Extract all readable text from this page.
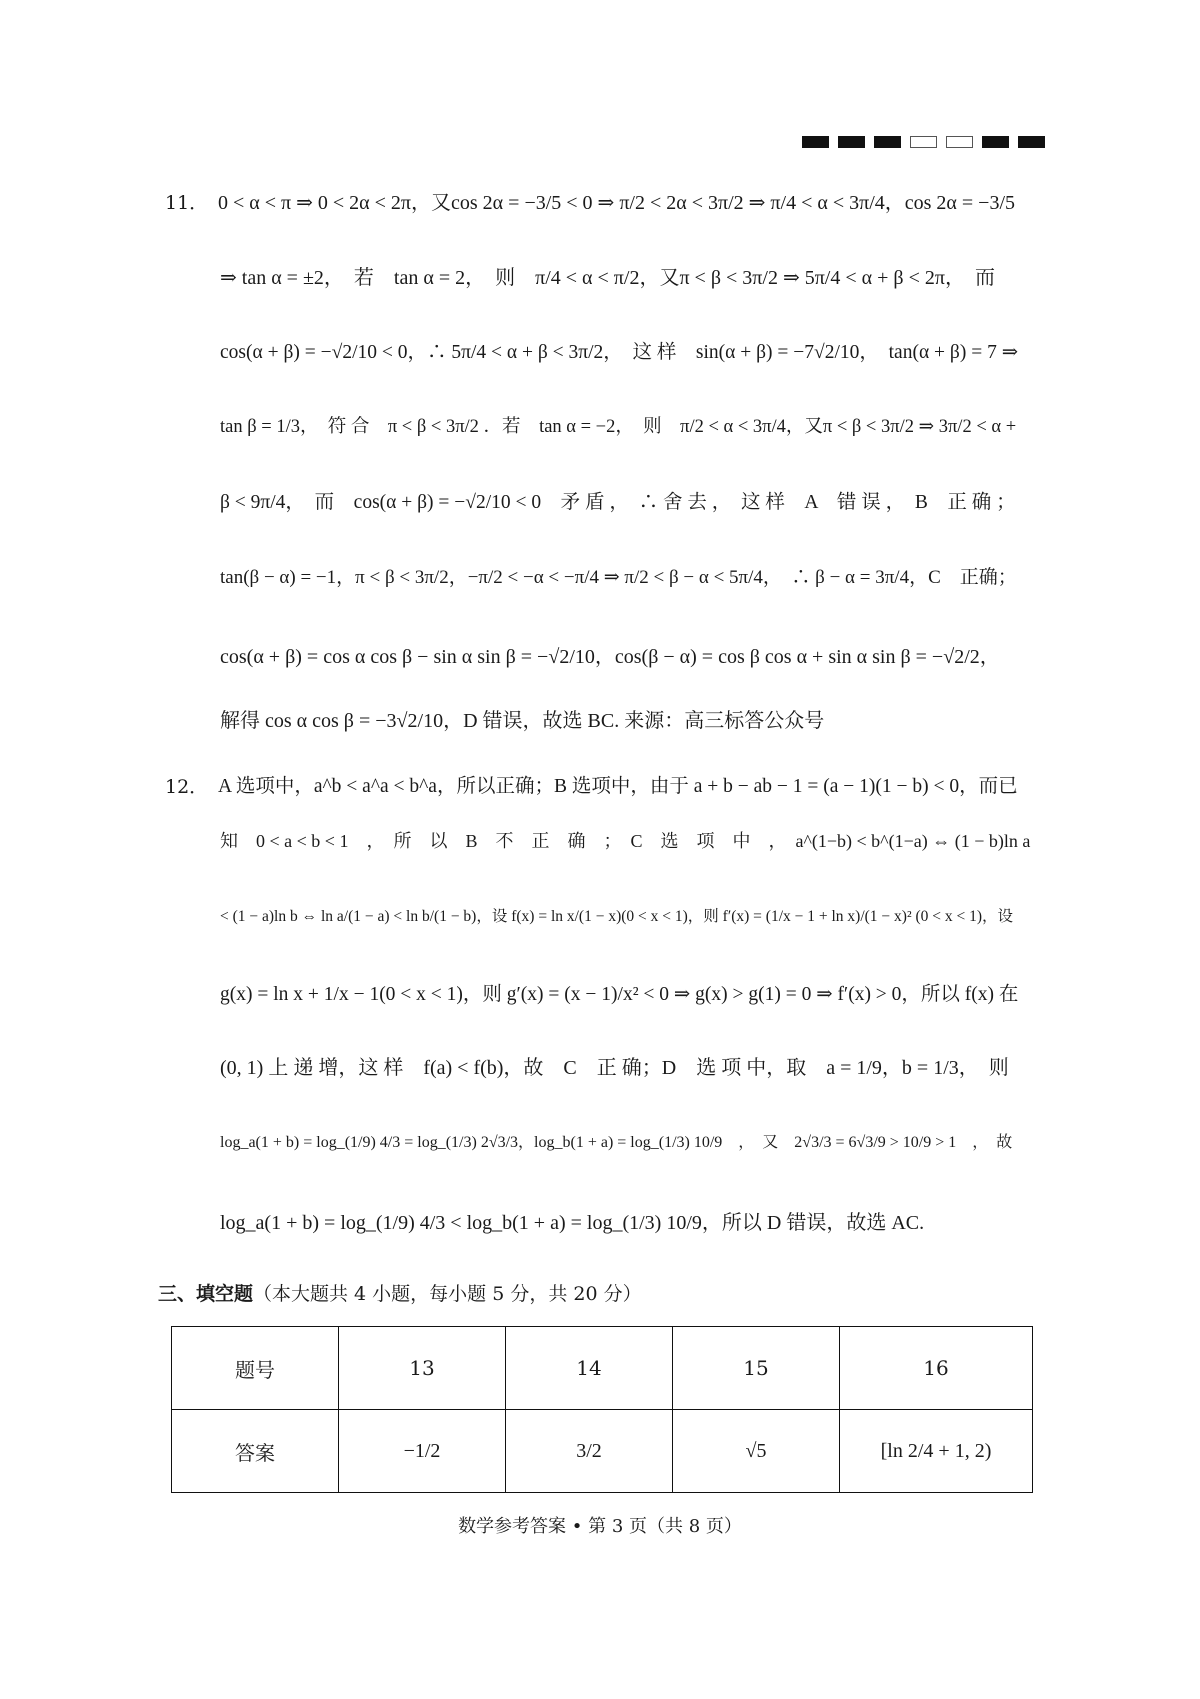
11． 0 < α < π ⇒ 0 < 2α < 2π，又cos 2α = −3/5 < 0 ⇒ π/2 < 2α < 3π/2 ⇒ π/4 < α < 3π/4，cos 2α = −3/5
⇒ tan α = ±2，　若　tan α = 2，　则　π/4 < α < π/2，又π < β < 3π/2 ⇒ 5π/4 < α + β < 2π，　而
cos(α + β) = −√2/10 < 0，∴ 5π/4 < α + β < 3π/2，　这 样　sin(α + β) = −7√2/10，　tan(α + β) = 7 ⇒
tan β = 1/3，　符 合　π < β < 3π/2 ．若　tan α = −2，　则　π/2 < α < 3π/4，又π < β < 3π/2 ⇒ 3π/2 < α +
β < 9π/4，　而　cos(α + β) = −√2/10 < 0　矛 盾 ，　∴ 舍 去 ，　这 样　A　错 误 ，　B　正 确 ；
tan(β − α) = −1，π < β < 3π/2，−π/2 < −α < −π/4 ⇒ π/2 < β − α < 5π/4，　∴ β − α = 3π/4，C　正确；
cos(α + β) = cos α cos β − sin α sin β = −√2/10，cos(β − α) = cos β cos α + sin α sin β = −√2/2，
解得 cos α cos β = −3√2/10，D 错误，故选 BC. 来源：高三标答公众号
12． A 选项中，a^b < a^a < b^a，所以正确；B 选项中，由于 a + b − ab − 1 = (a − 1)(1 − b) < 0，而已
知　0 < a < b < 1　，　所　以　B　不　正　确　；　C　选　项　中　，　a^(1−b) < b^(1−a) ⇔ (1 − b)ln a
< (1 − a)ln b ⇔ ln a/(1 − a) < ln b/(1 − b)，设 f(x) = ln x/(1 − x)(0 < x < 1)，则 f′(x) = (1/x − 1 + ln x)/(1 − x)² (0 < x < 1)，设
g(x) = ln x + 1/x − 1(0 < x < 1)，则 g′(x) = (x − 1)/x² < 0 ⇒ g(x) > g(1) = 0 ⇒ f′(x) > 0，所以 f(x) 在
(0, 1) 上 递 增，这 样　f(a) < f(b)，故　C　正 确；D　选 项 中，取　a = 1/9，b = 1/3，　则
log_a(1 + b) = log_(1/9) 4/3 = log_(1/3) 2√3/3，log_b(1 + a) = log_(1/3) 10/9　，　又　2√3/3 = 6√3/9 > 10/9 > 1　，　故
log_a(1 + b) = log_(1/9) 4/3 < log_b(1 + a) = log_(1/3) 10/9，所以 D 错误，故选 AC.
三、填空题（本大题共 4 小题，每小题 5 分，共 20 分）
题号	13	14	15	16
答案	−1/2	3/2	√5	[ln 2/4 + 1, 2)
数学参考答案 • 第 3 页（共 8 页）
